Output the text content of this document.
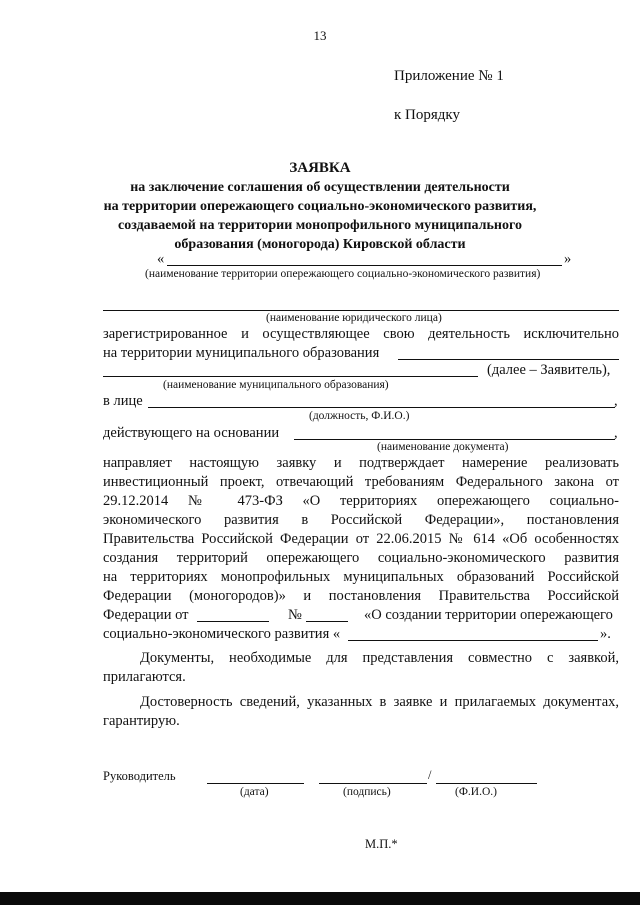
13
Приложение № 1
к Порядку
ЗАЯВКА
на заключение соглашения об осуществлении деятельности
на территории опережающего социально-экономического развития,
создаваемой на территории монопрофильного муниципального
образования (моногорода) Кировской области
«	»
(наименование территории опережающего социально-экономического развития)
(наименование юридического лица)
зарегистрированное и осуществляющее свою деятельность исключительно
на территории муниципального образования
(далее – Заявитель),
(наименование муниципального образования)
в лице	,
(должность, Ф.И.О.)
действующего на основании	,
(наименование документа)
направляет настоящую заявку и подтверждает намерение реализовать
инвестиционный проект, отвечающий требованиям Федерального закона от
29.12.2014 № 473-ФЗ «О территориях опережающего социально-
экономического развития в Российской Федерации», постановления
Правительства Российской Федерации от 22.06.2015 № 614 «Об особенностях
создания территорий опережающего социально-экономического развития
на территориях монопрофильных муниципальных образований Российской
Федерации (моногородов)» и постановления Правительства Российской
Федерации от	№	«О создании территории опережающего
социально-экономического развития «	».
Документы, необходимые для представления совместно с заявкой,
прилагаются.
Достоверность сведений, указанных в заявке и прилагаемых документах,
гарантирую.
Руководитель	/
(дата)	(подпись)	(Ф.И.О.)
М.П.*
